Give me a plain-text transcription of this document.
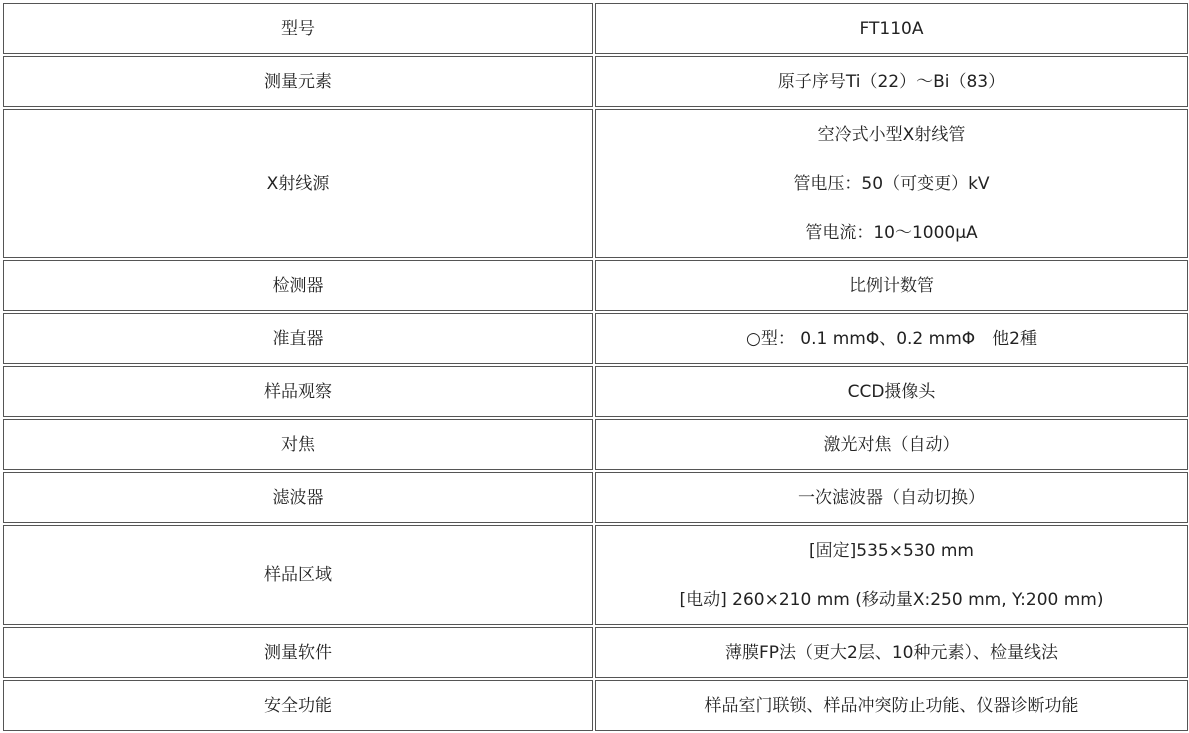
型号	FT110A

测量元素	原子序号Ti（22）～Bi（83）

X射线源	空冷式小型X射线管
管电压：50（可变更）kV
管电流：10～1000μA

检测器	比例计数管

准直器	○型： 0.1 mmΦ、0.2 mmΦ　他2種

样品观察	CCD摄像头

对焦	激光对焦（自动）

滤波器	一次滤波器（自动切换）

样品区域	[固定]535×530 mm
[电动] 260×210 mm (移动量X:250 mm, Y:200 mm)

测量软件	薄膜FP法（更大2层、10种元素）、检量线法

安全功能	样品室门联锁、样品冲突防止功能、仪器诊断功能
